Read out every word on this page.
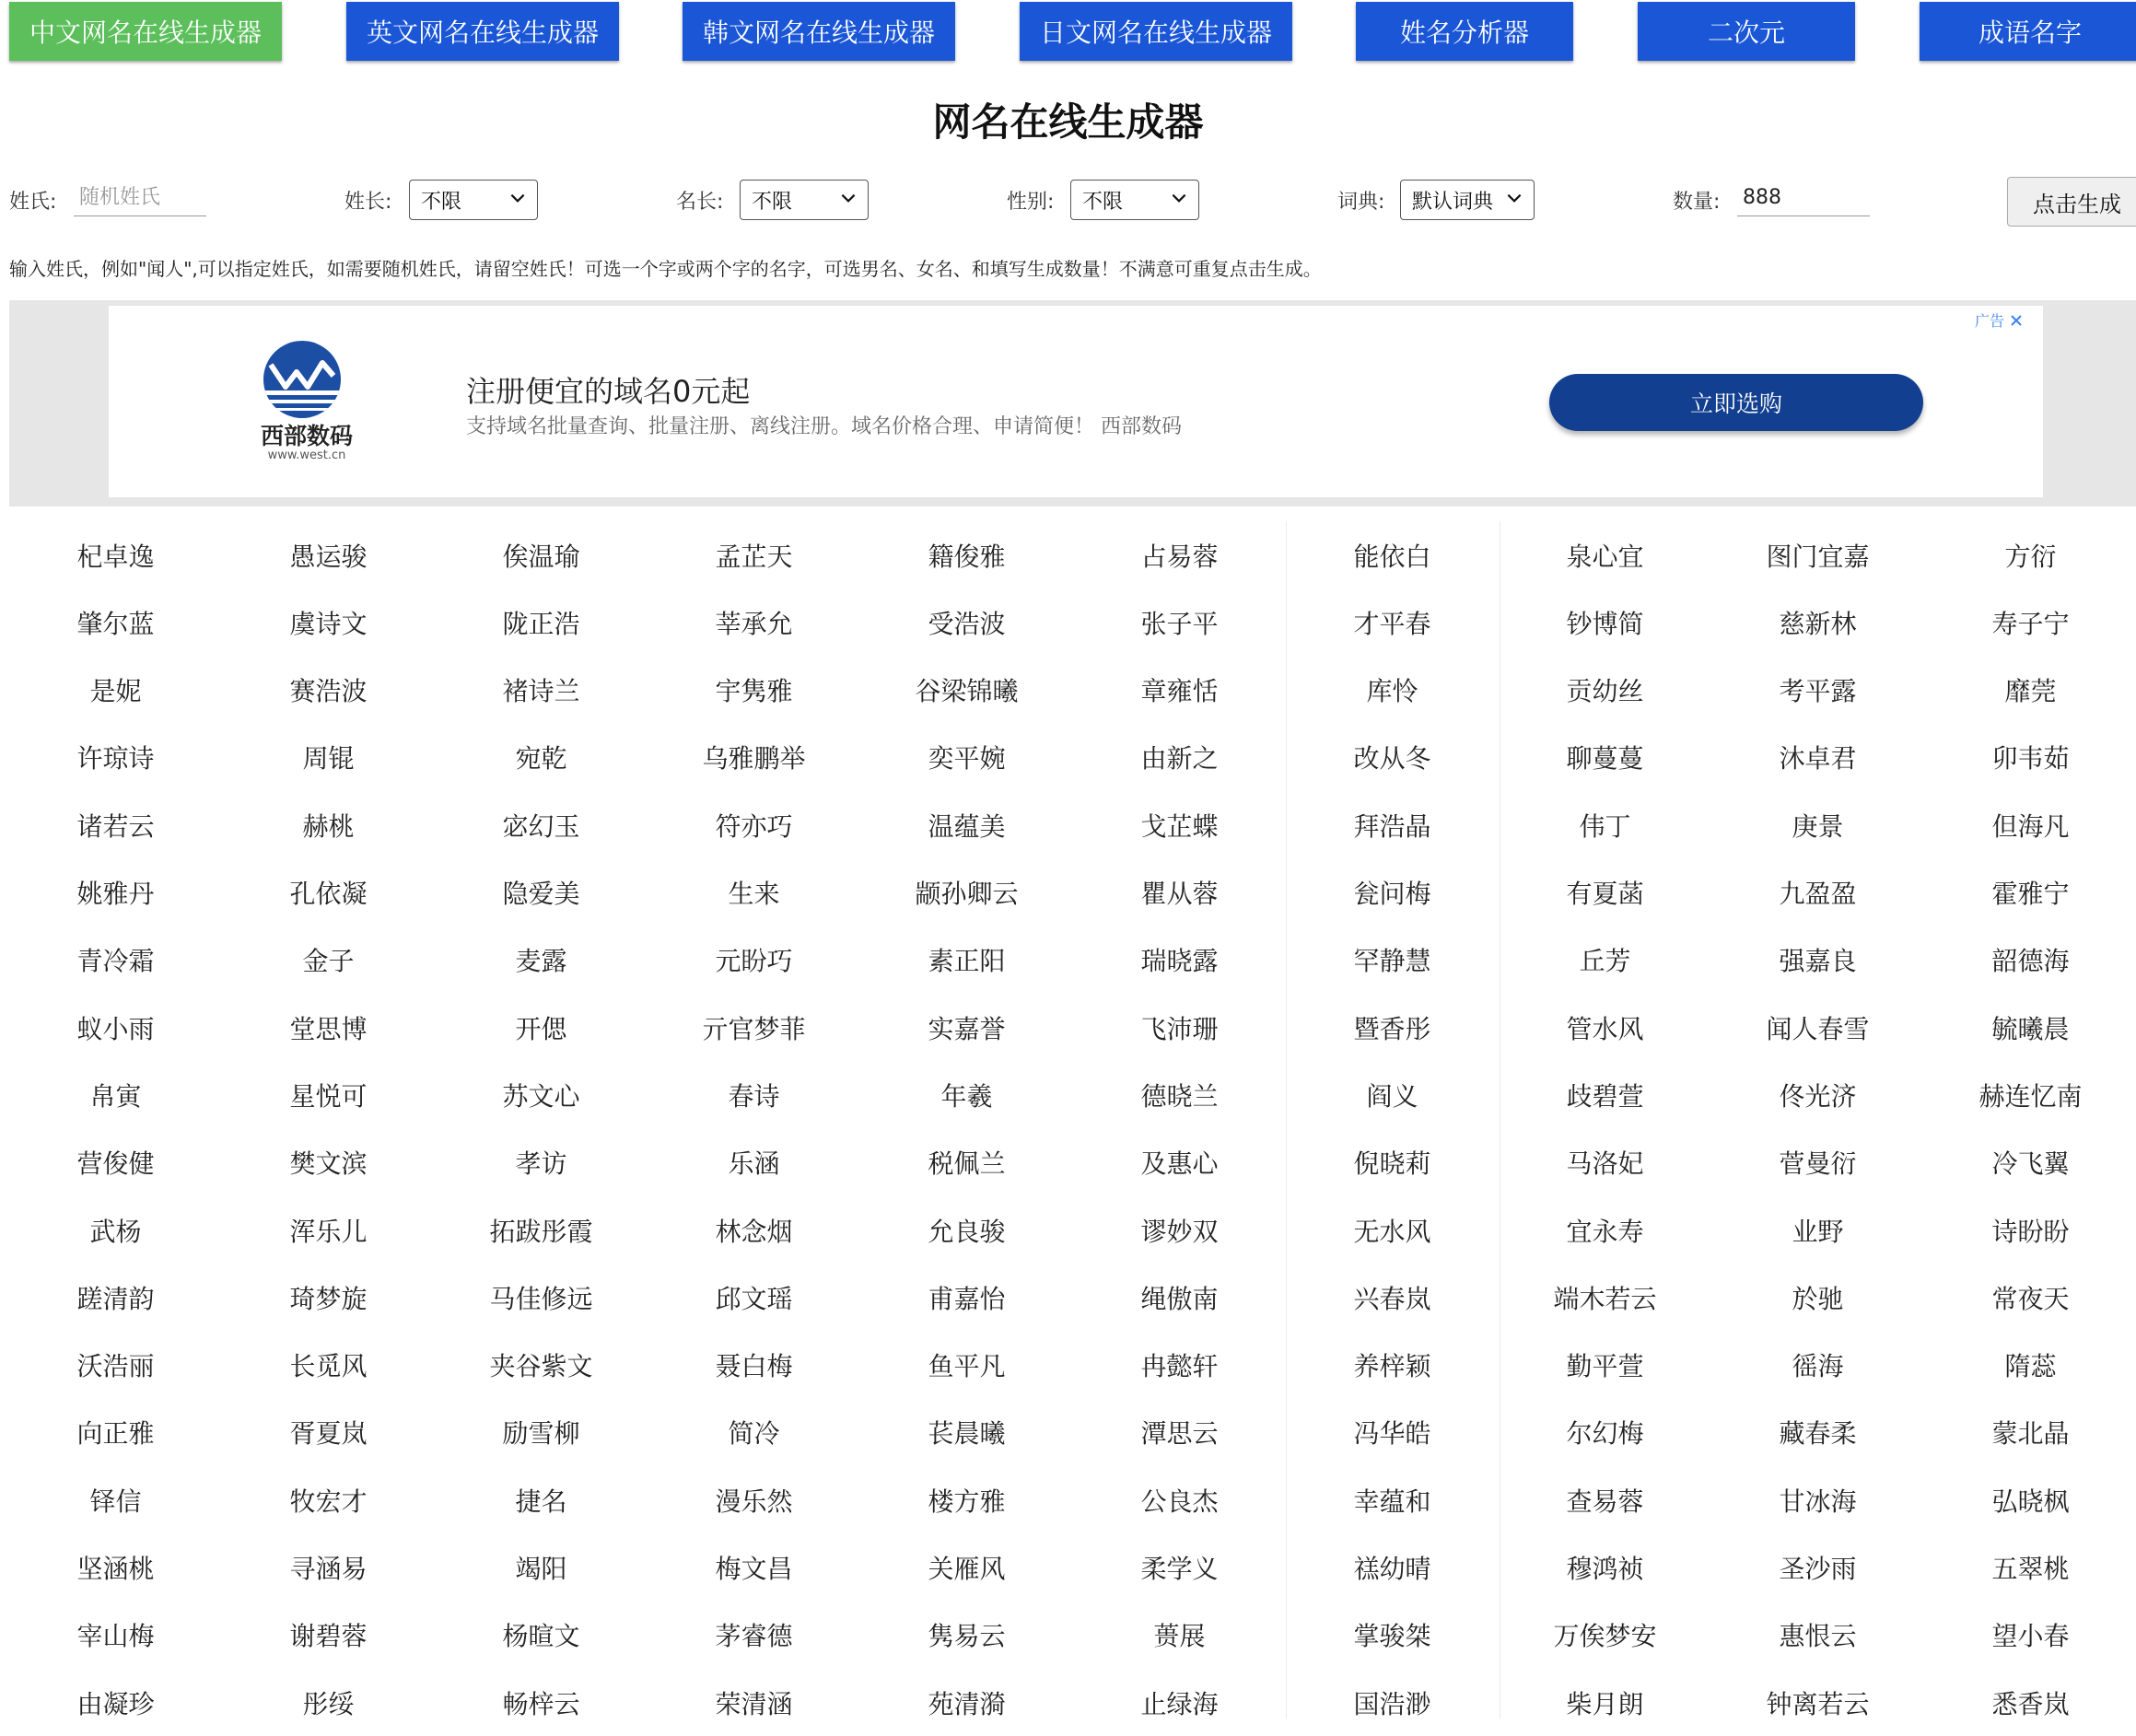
中文网名在线生成器	英文网名在线生成器	韩文网名在线生成器	日文网名在线生成器	姓名分析器	二次元	成语名字
网名在线生成器
姓氏:
随机姓氏	姓长: 不限	名长: 不限	性别: 不限	词典: 默认词典	数量:
888	点击生成
输入姓氏，例如"闻人",可以指定姓氏，如需要随机姓氏，请留空姓氏！可选一个字或两个字的名字，可选男名、女名、和填写生成数量！不满意可重复点击生成。
西部数码
www.west.cn
注册便宜的域名0元起
支持域名批量查询、批量注册、离线注册。域名价格合理、申请简便！ 西部数码
立即选购
广告
杞卓逸	愚运骏	俟温瑜	孟芷天	籍俊雅	占易蓉	能依白	泉心宜	图门宜嘉	方衍
肇尔蓝	虞诗文	陇正浩	莘承允	受浩波	张子平	才平春	钞博简	慈新林	寿子宁
是妮	赛浩波	褚诗兰	宇隽雅	谷梁锦曦	章雍恬	库怜	贡幼丝	考平露	靡莞
许琼诗	周锟	宛乾	乌雅鹏举	奕平婉	由新之	改从冬	聊蔓蔓	沐卓君	卯韦茹
诸若云	赫桃	宓幻玉	符亦巧	温蕴美	戈芷蝶	拜浩晶	伟丁	庚景	但海凡
姚雅丹	孔依凝	隐爱美	生来	颛孙卿云	瞿从蓉	瓮问梅	有夏菡	九盈盈	霍雅宁
青冷霜	金子	麦露	元盼巧	素正阳	瑞晓露	罕静慧	丘芳	强嘉良	韶德海
蚁小雨	堂思博	开偲	亓官梦菲	实嘉誉	飞沛珊	暨香彤	管水风	闻人春雪	毓曦晨
帛寅	星悦可	苏文心	春诗	年羲	德晓兰	阎义	歧碧萱	佟光济	赫连忆南
营俊健	樊文滨	孝访	乐涵	税佩兰	及惠心	倪晓莉	马洛妃	菅曼衍	冷飞翼
武杨	浑乐儿	拓跋彤霞	林念烟	允良骏	谬妙双	无水风	宜永寿	业野	诗盼盼
蹉清韵	琦梦旋	马佳修远	邱文瑶	甫嘉怡	绳傲南	兴春岚	端木若云	於驰	常夜天
沃浩丽	长觅风	夹谷紫文	聂白梅	鱼平凡	冉懿轩	养梓颖	勤平萱	徭海	隋蕊
向正雅	胥夏岚	励雪柳	简冷	苌晨曦	潭思云	冯华皓	尔幻梅	藏春柔	蒙北晶
铎信	牧宏才	捷名	漫乐然	楼方雅	公良杰	幸蕴和	查易蓉	甘冰海	弘晓枫
坚涵桃	寻涵易	竭阳	梅文昌	关雁风	柔学义	禚幼晴	穆鸿祯	圣沙雨	五翠桃
宰山梅	谢碧蓉	杨暄文	茅睿德	隽易云	蒉展	掌骏桀	万俟梦安	惠恨云	望小春
由凝珍	彤绥	畅梓云	荣清涵	苑清漪	止绿海	国浩渺	柴月朗	钟离若云	悉香岚
